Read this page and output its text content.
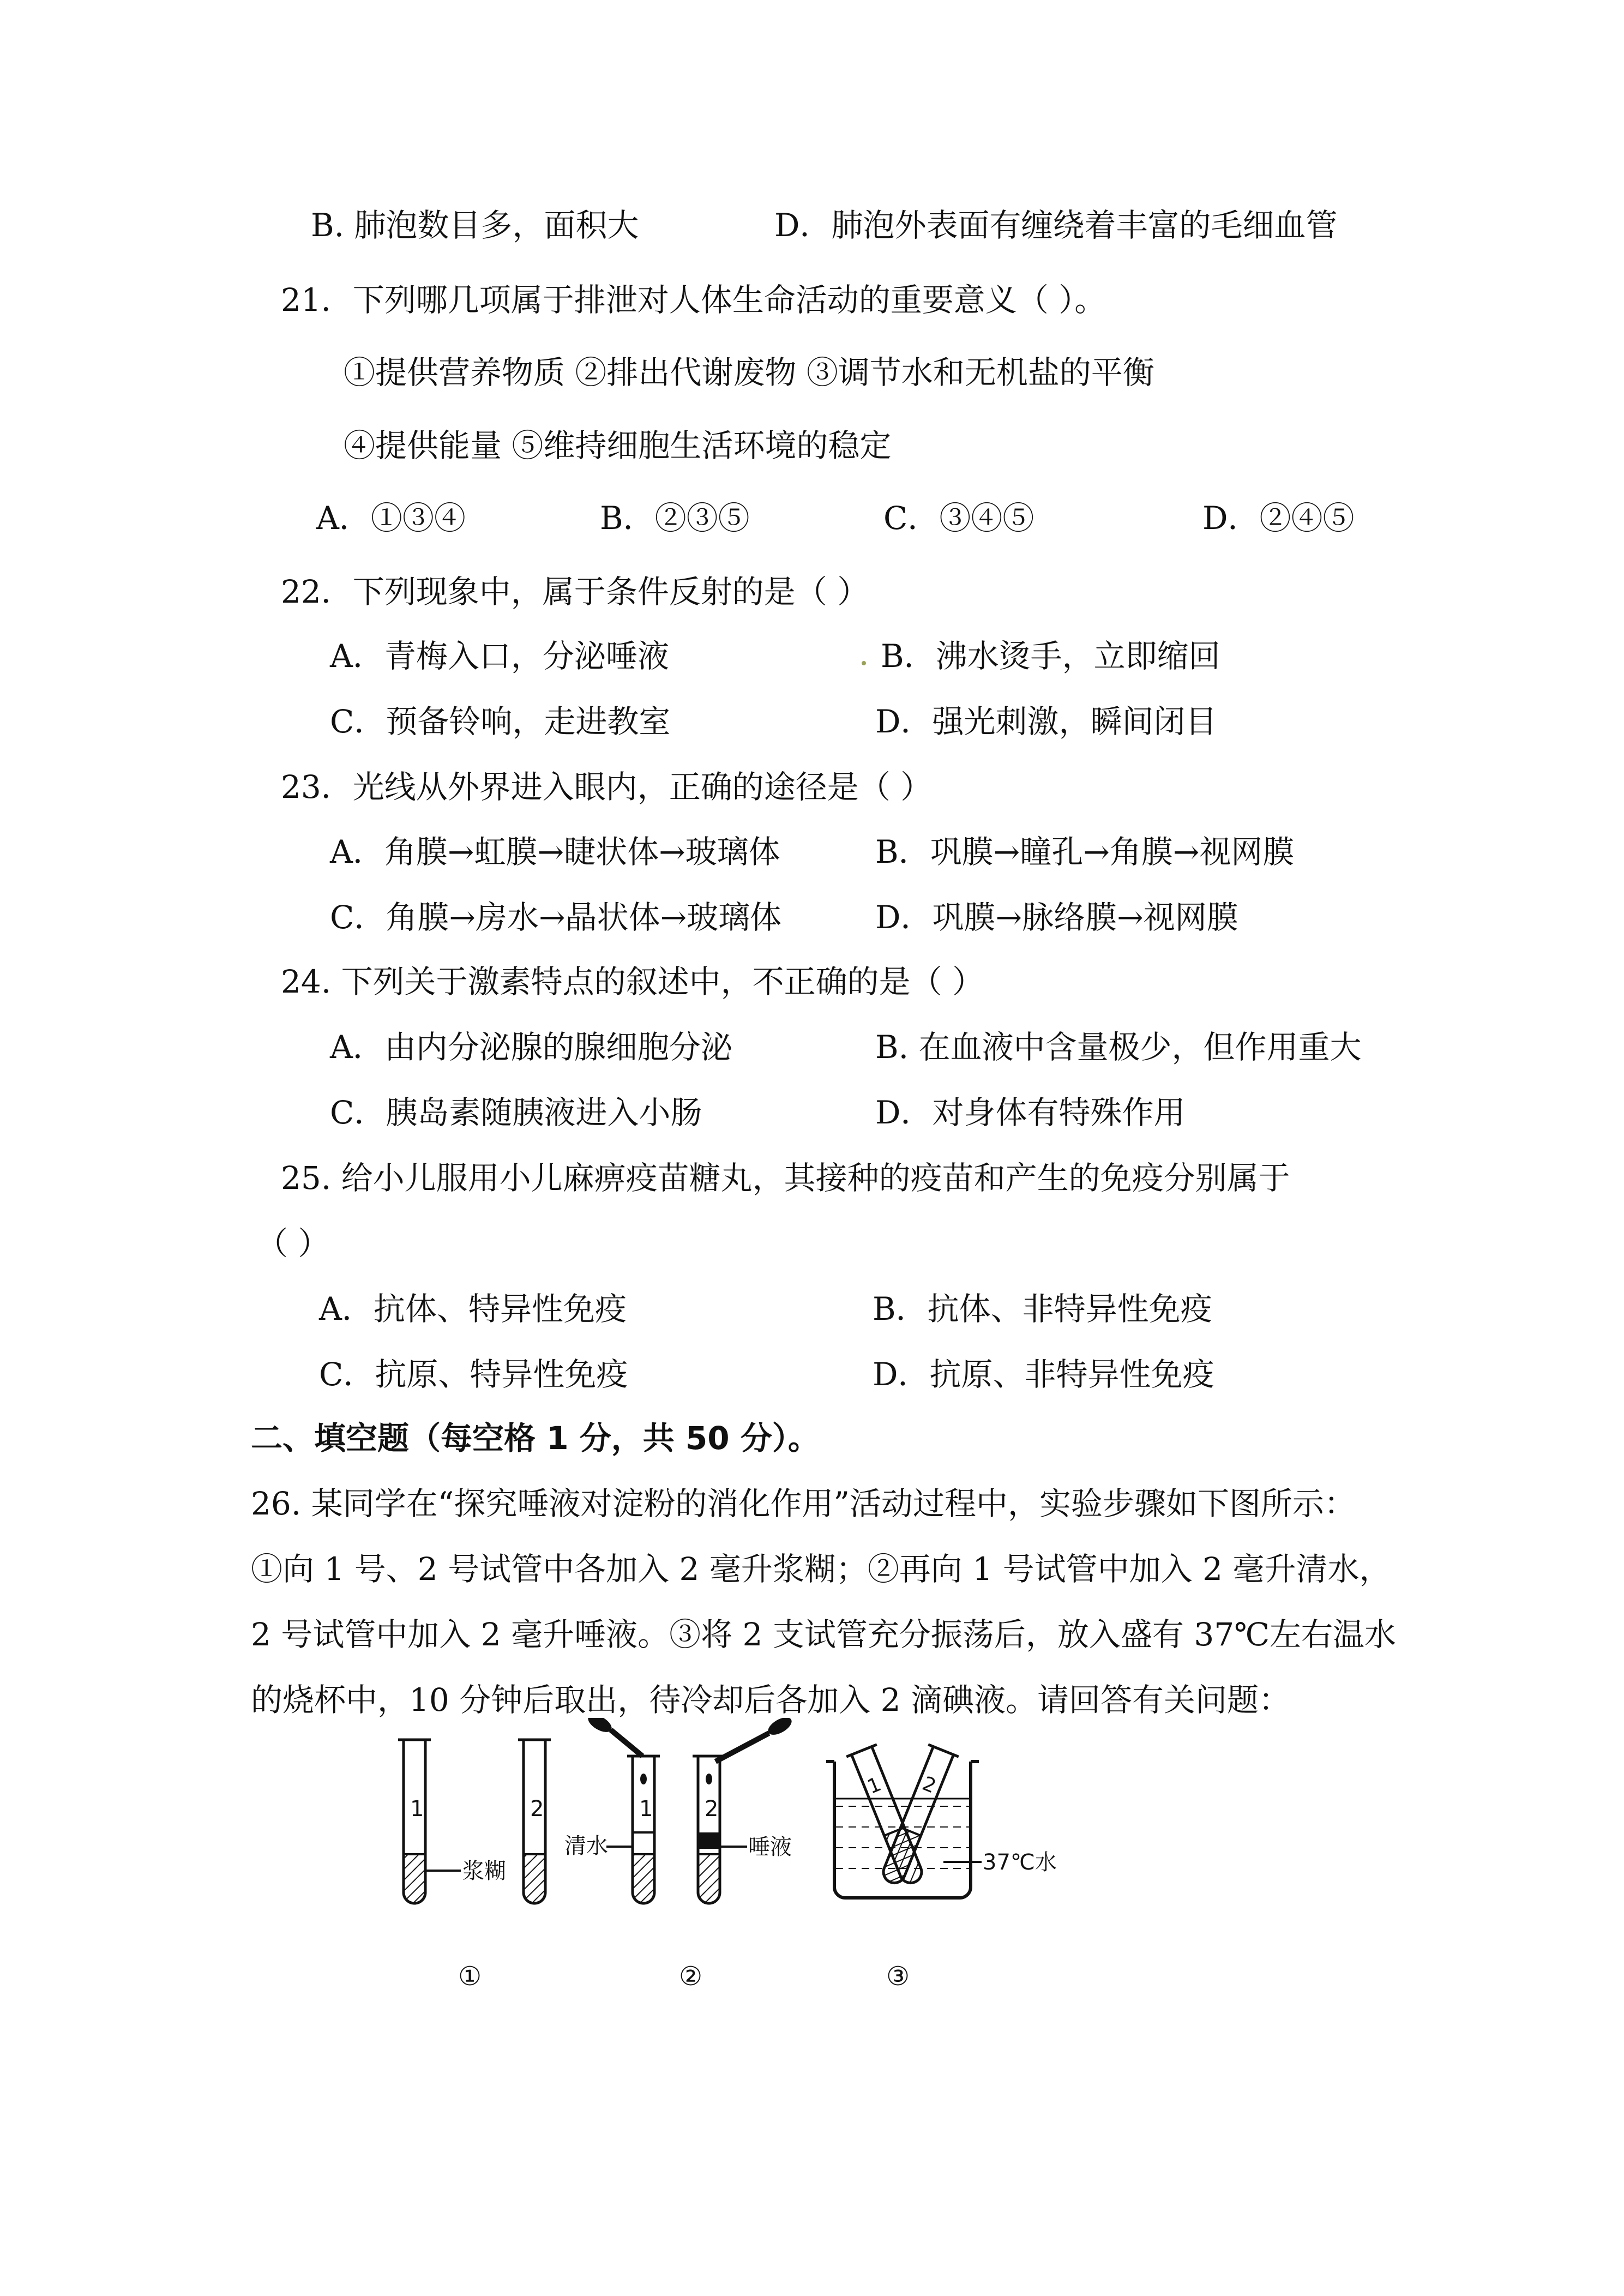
B. 肺泡数目多，面积大	D．肺泡外表面有缠绕着丰富的毛细血管
21．下列哪几项属于排泄对人体生命活动的重要意义（ ）。
①提供营养物质 ②排出代谢废物 ③调节水和无机盐的平衡
④提供能量 ⑤维持细胞生活环境的稳定
A．①③④	B．②③⑤	C．③④⑤	D．②④⑤
22．下列现象中，属于条件反射的是（ ）
A．青梅入口，分泌唾液	B．沸水烫手，立即缩回
C．预备铃响，走进教室	D．强光刺激，瞬间闭目
23．光线从外界进入眼内，正确的途径是（ ）
A．角膜→虹膜→睫状体→玻璃体	B．巩膜→瞳孔→角膜→视网膜
C．角膜→房水→晶状体→玻璃体	D．巩膜→脉络膜→视网膜
24. 下列关于激素特点的叙述中，不正确的是（ ）
A．由内分泌腺的腺细胞分泌	B. 在血液中含量极少，但作用重大
C．胰岛素随胰液进入小肠	D．对身体有特殊作用
25. 给小儿服用小儿麻痹疫苗糖丸，其接种的疫苗和产生的免疫分别属于
（ ）
A．抗体、特异性免疫	B．抗体、非特异性免疫
C．抗原、特异性免疫	D．抗原、非特异性免疫
二、填空题（每空格 1 分，共 50 分）。
26. 某同学在“探究唾液对淀粉的消化作用”活动过程中，实验步骤如下图所示：
①向 1 号、2 号试管中各加入 2 毫升浆糊；②再向 1 号试管中加入 2 毫升清水，
2 号试管中加入 2 毫升唾液。③将 2 支试管充分振荡后，放入盛有 37℃左右温水
的烧杯中，10 分钟后取出，待冷却后各加入 2 滴碘液。请回答有关问题：
1	2
浆糊
①
1
清水
2
唾液
②
1 2
37℃水
③
